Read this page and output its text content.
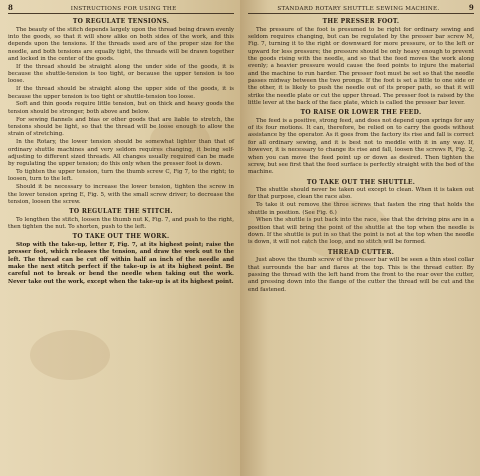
8	INSTRUCTIONS FOR USING THE
TO REGULATE TENSIONS.

The beauty of the stitch depends largely upon the thread being drawn evenly into the goods, so that it will show alike on both sides of the work, and this depends upon the tensions. If the threads used are of the proper size for the needle, and both tensions are equally tight, the threads will be drawn together and locked in the center of the goods.

If the thread should be straight along the under side of the goods, it is because the shuttle-tension is too tight, or because the upper tension is too loose.

If the thread should be straight along the upper side of the goods, it is because the upper tension is too tight or shuttle-tension too loose.

Soft and thin goods require little tension, but on thick and heavy goods the tension should be stronger, both above and below.

For sewing flannels and bias or other goods that are liable to stretch, the tensions should be light, so that the thread will be loose enough to allow the strain of stretching.

In the Rotary, the lower tension should be somewhat lighter than that of ordinary shuttle machines and very seldom requires changing, it being self-adjusting to different sized threads. All changes usually required can be made by regulating the upper tension; do this only when the presser foot is down.

To tighten the upper tension, turn the thumb screw C, Fig 7, to the right; to loosen, turn to the left.

Should it be necessary to increase the lower tension, tighten the screw in the lower tension spring E, Fig. 5, with the small screw driver; to decrease the tension, loosen the screw.

TO REGULATE THE STITCH.

To lengthen the stitch, loosen the thumb nut K, Fig. 7, and push to the right, then tighten the nut. To shorten, push to the left.

TO TAKE OUT THE WORK.

Stop with the take-up, letter F, Fig. 7, at its highest point; raise the presser foot, which releases the tension, and draw the work out to the left. The thread can be cut off within half an inch of the needle and make the next stitch perfect if the take-up is at its highest point. Be careful not to break or bend the needle when taking out the work. Never take out the work, except when the take-up is at its highest point.

STANDARD ROTARY SHUTTLE SEWING MACHINE.	9
THE PRESSER FOOT.

The pressure of the foot is presumed to be right for ordinary sewing and seldom requires changing, but can be regulated by the presser bar screw M, Fig. 7, turning it to the right or downward for more pressure, or to the left or upward for less pressure; the pressure should be only heavy enough to prevent the goods rising with the needle, and so that the feed moves the work along evenly; a heavier pressure would cause the feed points to injure the material and the machine to run harder. The presser foot must be set so that the needle passes midway between the two prongs. If the foot is set a little to one side or the other, it is likely to push the needle out of its proper path, so that it will strike the needle plate or cut the upper thread. The presser foot is raised by the little lever at the back of the face plate, which is called the presser bar lever.

TO RAISE OR LOWER THE FEED.

The feed is a positive, strong feed, and does not depend upon springs for any of its four motions. It can, therefore, be relied on to carry the goods without assistance by the operator. As it goes from the factory its rise and fall is correct for all ordinary sewing, and it is best not to meddle with it in any way. If, however, it is necessary to change its rise and fall, loosen the screws R, Fig. 2, when you can move the feed point up or down as desired. Then tighten the screw, but see first that the feed surface is perfectly straight with the bed of the machine.

TO TAKE OUT THE SHUTTLE.

The shuttle should never be taken out except to clean. When it is taken out for that purpose, clean the race also.

To take it out remove the three screws that fasten the ring that holds the shuttle in position. (See Fig. 6.)

When the shuttle is put back into the race, see that the driving pins are in a position that will bring the point of the shuttle at the top when the needle is down. If the shuttle is put in so that the point is not at the top when the needle is down, it will not catch the loop, and no stitch will be formed.

THREAD CUTTER.

Just above the thumb screw of the presser bar will be seen a thin steel collar that surrounds the bar and flares at the top. This is the thread cutter. By passing the thread with the left hand from the front to the rear over the cutter, and pressing down into the flange of the cutter the thread will be cut and the end fastened.
